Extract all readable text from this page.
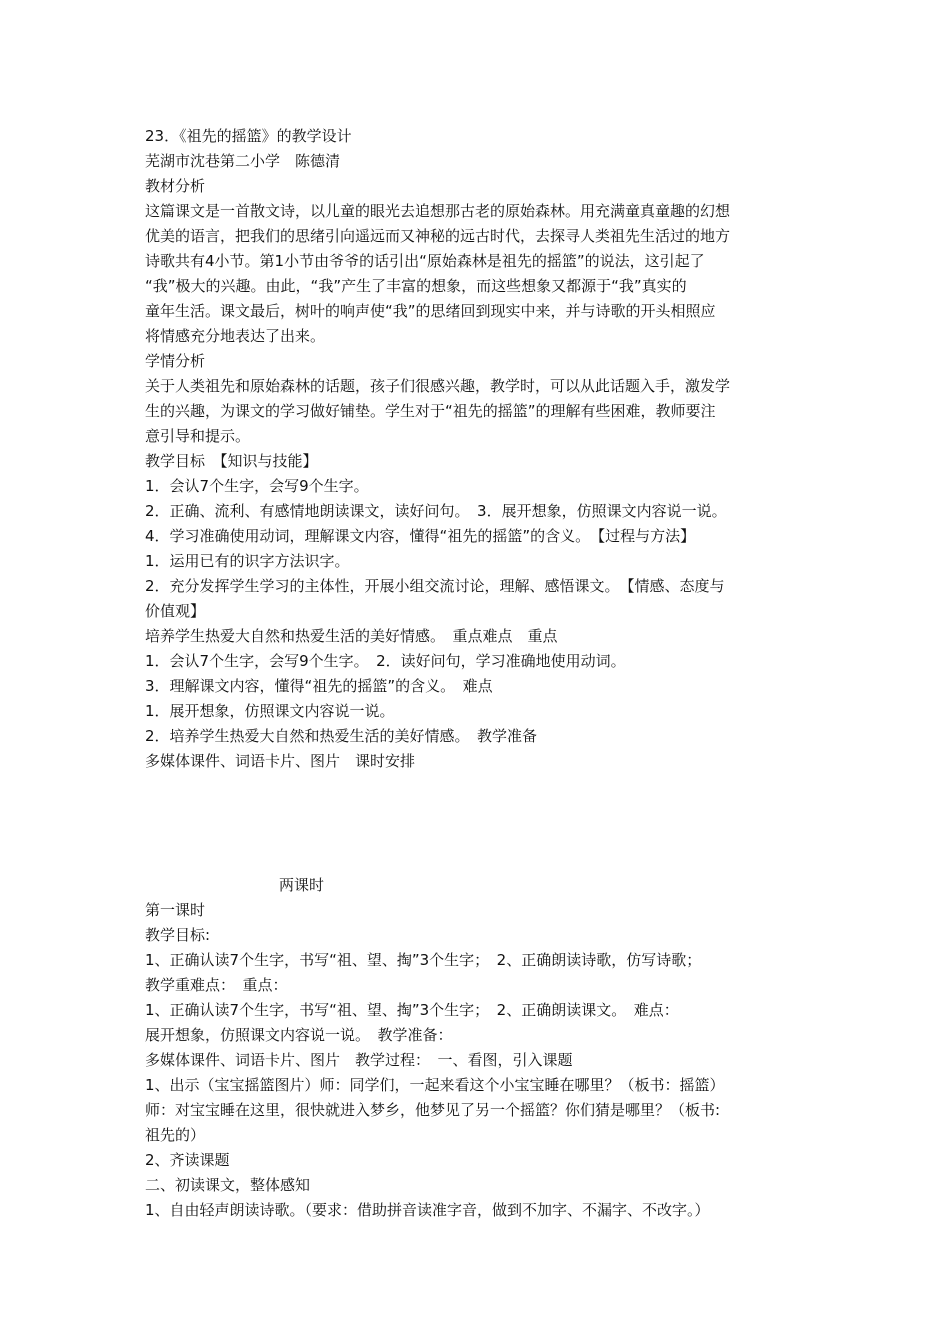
23．《祖先的摇篮》的教学设计
芜湖市沈巷第二小学　陈德清
教材分析
这篇课文是一首散文诗，以儿童的眼光去追想那古老的原始森林。用充满童真童趣的幻想
优美的语言，把我们的思绪引向遥远而又神秘的远古时代，去探寻人类祖先生活过的地方
诗歌共有4小节。第1小节由爷爷的话引出“原始森林是祖先的摇篮”的说法，这引起了
“我”极大的兴趣。由此，“我”产生了丰富的想象，而这些想象又都源于“我”真实的
童年生活。课文最后，树叶的响声使“我”的思绪回到现实中来，并与诗歌的开头相照应
将情感充分地表达了出来。
学情分析
关于人类祖先和原始森林的话题，孩子们很感兴趣，教学时，可以从此话题入手，激发学
生的兴趣，为课文的学习做好铺垫。学生对于“祖先的摇篮”的理解有些困难，教师要注
意引导和提示。
教学目标　【知识与技能】
1．会认7个生字，会写9个生字。
2．正确、流利、有感情地朗读课文，读好问句。　3．展开想象，仿照课文内容说一说。
4．学习准确使用动词，理解课文内容，懂得“祖先的摇篮”的含义。　【过程与方法】
1．运用已有的识字方法识字。
2．充分发挥学生学习的主体性，开展小组交流讨论，理解、感悟课文。　【情感、态度与
价值观】
培养学生热爱大自然和热爱生活的美好情感。　重点难点　重点
1．会认7个生字，会写9个生字。　2．读好问句，学习准确地使用动词。
3．理解课文内容，懂得“祖先的摇篮”的含义。　难点
1．展开想象，仿照课文内容说一说。
2．培养学生热爱大自然和热爱生活的美好情感。　教学准备
多媒体课件、词语卡片、图片　课时安排
两课时
第一课时
教学目标:
1、正确认读7个生字，书写“祖、望、掏”3个生字；　2、正确朗读诗歌，仿写诗歌；
教学重难点：　重点：
1、正确认读7个生字，书写“祖、望、掏”3个生字；　2、正确朗读课文。　难点：
展开想象，仿照课文内容说一说。　教学准备：
多媒体课件、词语卡片、图片　教学过程：　一、看图，引入课题
1、出示（宝宝摇篮图片）师：同学们，一起来看这个小宝宝睡在哪里？（板书：摇篮）
师：对宝宝睡在这里，很快就进入梦乡，他梦见了另一个摇篮？你们猜是哪里？（板书:
祖先的）
2、齐读课题
二、初读课文，整体感知
1、自由轻声朗读诗歌。（要求：借助拼音读准字音，做到不加字、不漏字、不改字。）
